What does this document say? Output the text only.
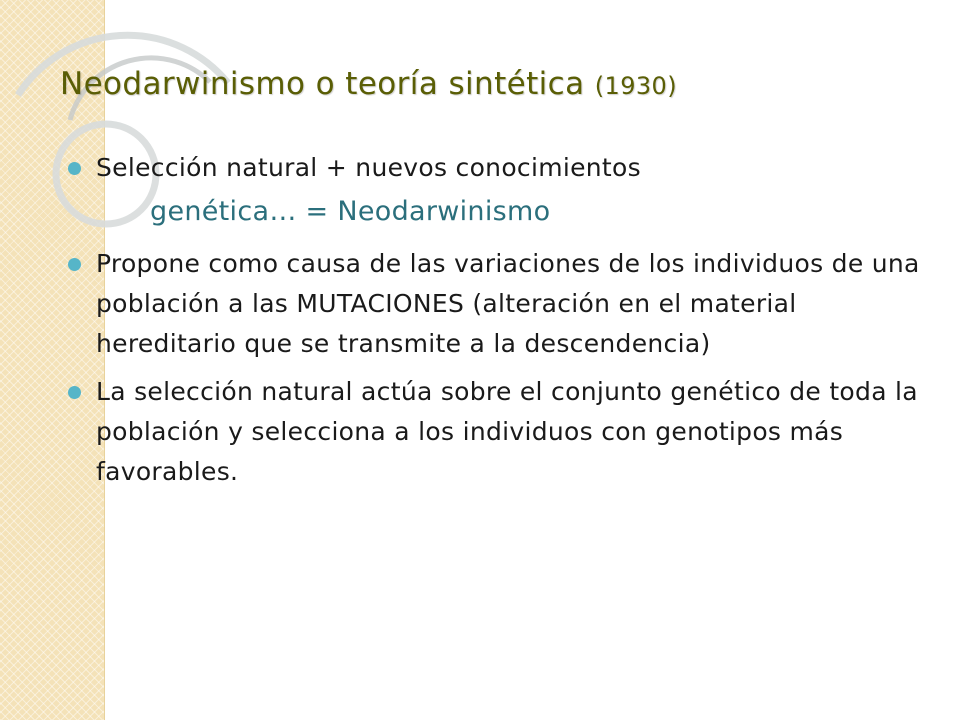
Neodarwinismo o teoría sintética (1930)
Selección natural + nuevos conocimientos
genética… = Neodarwinismo
Propone como causa de las variaciones de los individuos de una población a las MUTACIONES (alteración en el material hereditario que se transmite a la descendencia)
La selección natural actúa sobre el conjunto genético de toda la población y selecciona a los individuos con genotipos más favorables.
